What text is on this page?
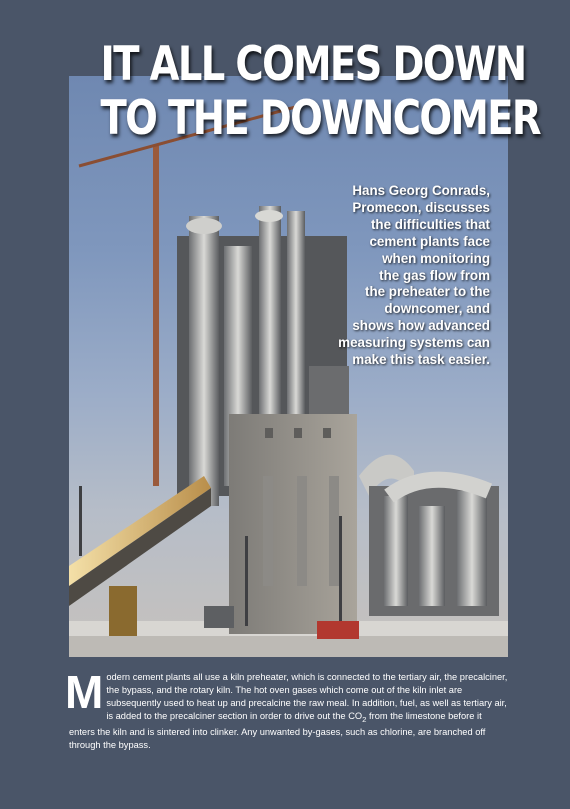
IT ALL COMES DOWN
TO THE DOWNCOMER
Hans Georg Conrads,
Promecon, discusses
the difficulties that
cement plants face
when monitoring
the gas flow from
the preheater to the
downcomer, and
shows how advanced
measuring systems can
make this task easier.
Modern cement plants all use a kiln preheater, which is connected to the tertiary air, the precalciner, the bypass, and the rotary kiln. The hot oven gases which come out of the kiln inlet are subsequently used to heat up and precalcine the raw meal. In addition, fuel, as well as tertiary air, is added to the precalciner section in order to drive out the $CO_2$ from the limestone before it enters the kiln and is sintered into clinker. Any unwanted by-gases, such as chlorine, are branched off through the bypass.
